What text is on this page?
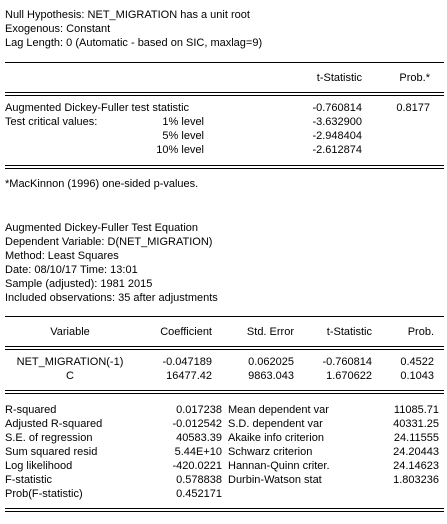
Null Hypothesis: NET_MIGRATION has a unit root
Exogenous: Constant
Lag Length: 0 (Automatic - based on SIC, maxlag=9)
t-Statistic	Prob.*
Augmented Dickey-Fuller test statistic	-0.760814	0.8177
Test critical values:	1% level	-3.632900
5% level	-2.948404
10% level	-2.612874
*MacKinnon (1996) one-sided p-values.
Augmented Dickey-Fuller Test Equation
Dependent Variable: D(NET_MIGRATION)
Method: Least Squares
Date: 08/10/17 Time: 13:01
Sample (adjusted): 1981 2015
Included observations: 35 after adjustments
Variable	Coefficient	Std. Error	t-Statistic	Prob.
NET_MIGRATION(-1)	-0.047189	0.062025	-0.760814	0.4522
C	16477.42	9863.043	1.670622	0.1043
R-squared	0.017238 Mean dependent var	11085.71
Adjusted R-squared	-0.012542 S.D. dependent var	40331.25
S.E. of regression	40583.39 Akaike info criterion	24.11555
Sum squared resid	5.44E+10 Schwarz criterion	24.20443
Log likelihood	-420.0221 Hannan-Quinn criter.	24.14623
F-statistic	0.578838 Durbin-Watson stat	1.803236
Prob(F-statistic)	0.452171
